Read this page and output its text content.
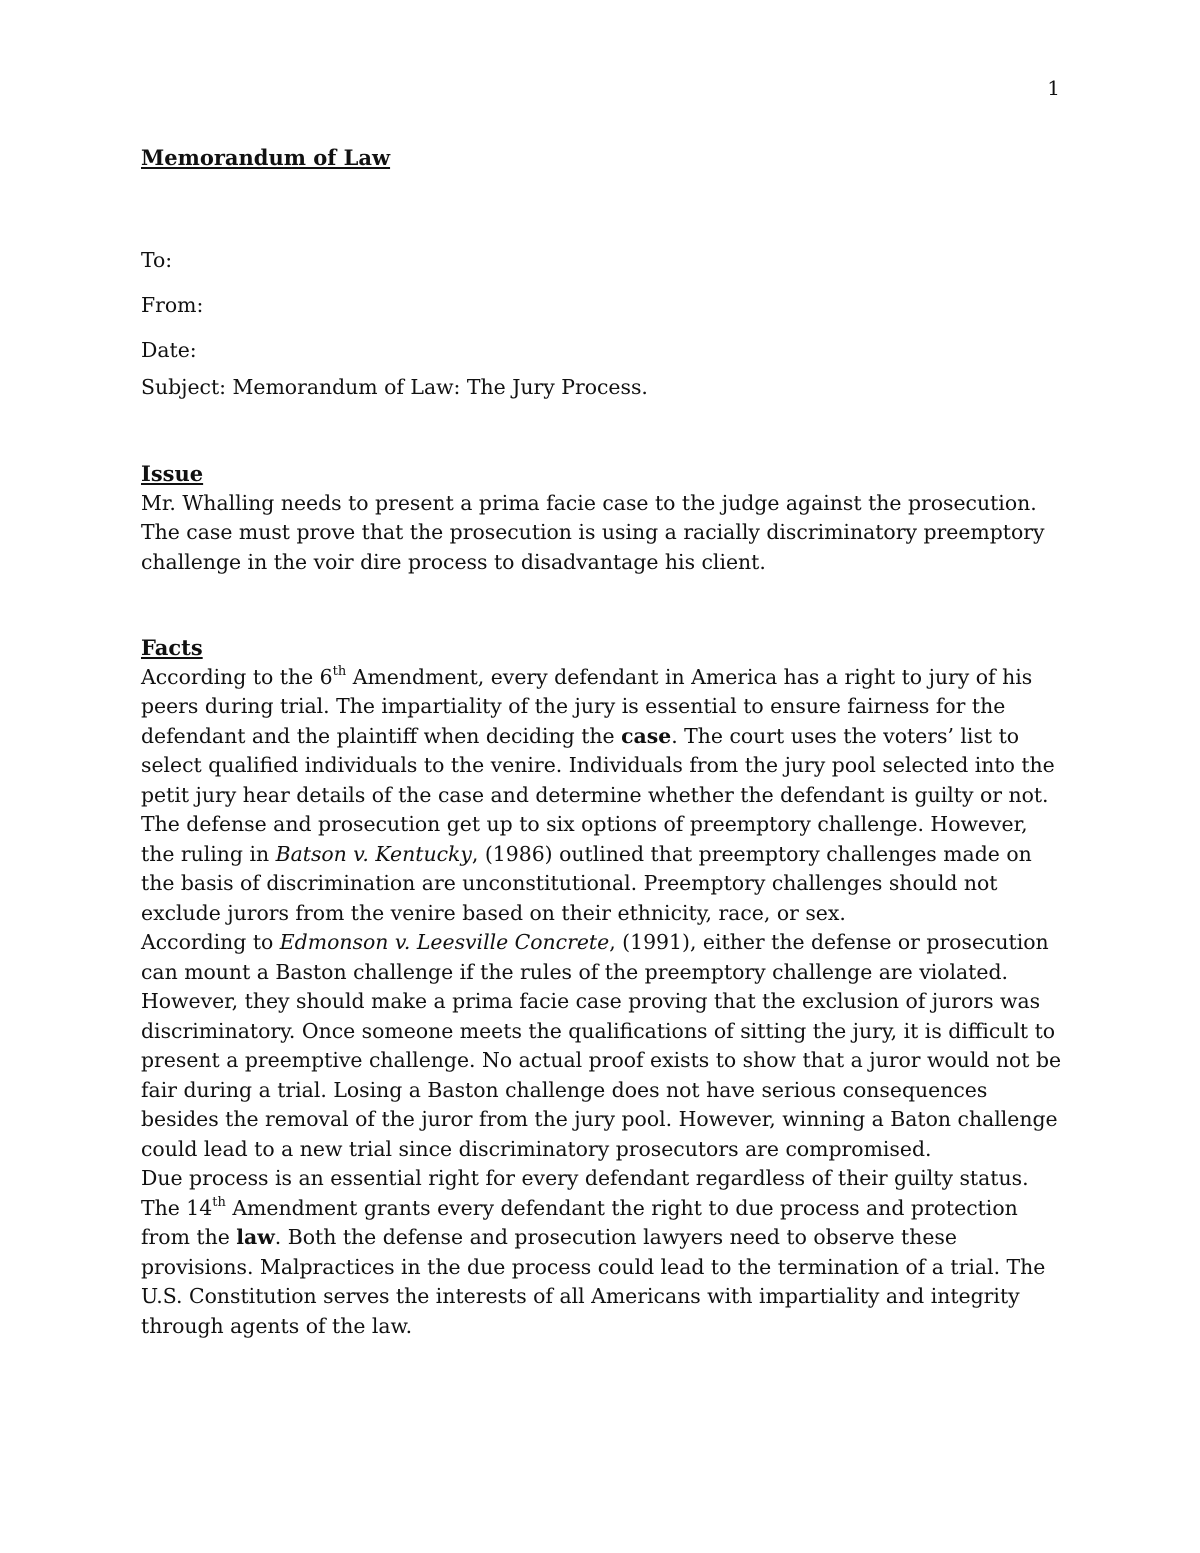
1

Memorandum of Law

To:

From:

Date:

Subject: Memorandum of Law: The Jury Process.

Issue

Mr. Whalling needs to present a prima facie case to the judge against the prosecution. The case must prove that the prosecution is using a racially discriminatory preemptory challenge in the voir dire process to disadvantage his client.

Facts

According to the 6th Amendment, every defendant in America has a right to jury of his peers during trial. The impartiality of the jury is essential to ensure fairness for the defendant and the plaintiff when deciding the case. The court uses the voters’ list to select qualified individuals to the venire. Individuals from the jury pool selected into the petit jury hear details of the case and determine whether the defendant is guilty or not. The defense and prosecution get up to six options of preemptory challenge. However, the ruling in Batson v. Kentucky, (1986) outlined that preemptory challenges made on the basis of discrimination are unconstitutional. Preemptory challenges should not exclude jurors from the venire based on their ethnicity, race, or sex.

According to Edmonson v. Leesville Concrete, (1991), either the defense or prosecution can mount a Baston challenge if the rules of the preemptory challenge are violated. However, they should make a prima facie case proving that the exclusion of jurors was discriminatory. Once someone meets the qualifications of sitting the jury, it is difficult to present a preemptive challenge. No actual proof exists to show that a juror would not be fair during a trial. Losing a Baston challenge does not have serious consequences besides the removal of the juror from the jury pool. However, winning a Baton challenge could lead to a new trial since discriminatory prosecutors are compromised.

Due process is an essential right for every defendant regardless of their guilty status. The 14th Amendment grants every defendant the right to due process and protection from the law. Both the defense and prosecution lawyers need to observe these provisions. Malpractices in the due process could lead to the termination of a trial. The U.S. Constitution serves the interests of all Americans with impartiality and integrity through agents of the law.
